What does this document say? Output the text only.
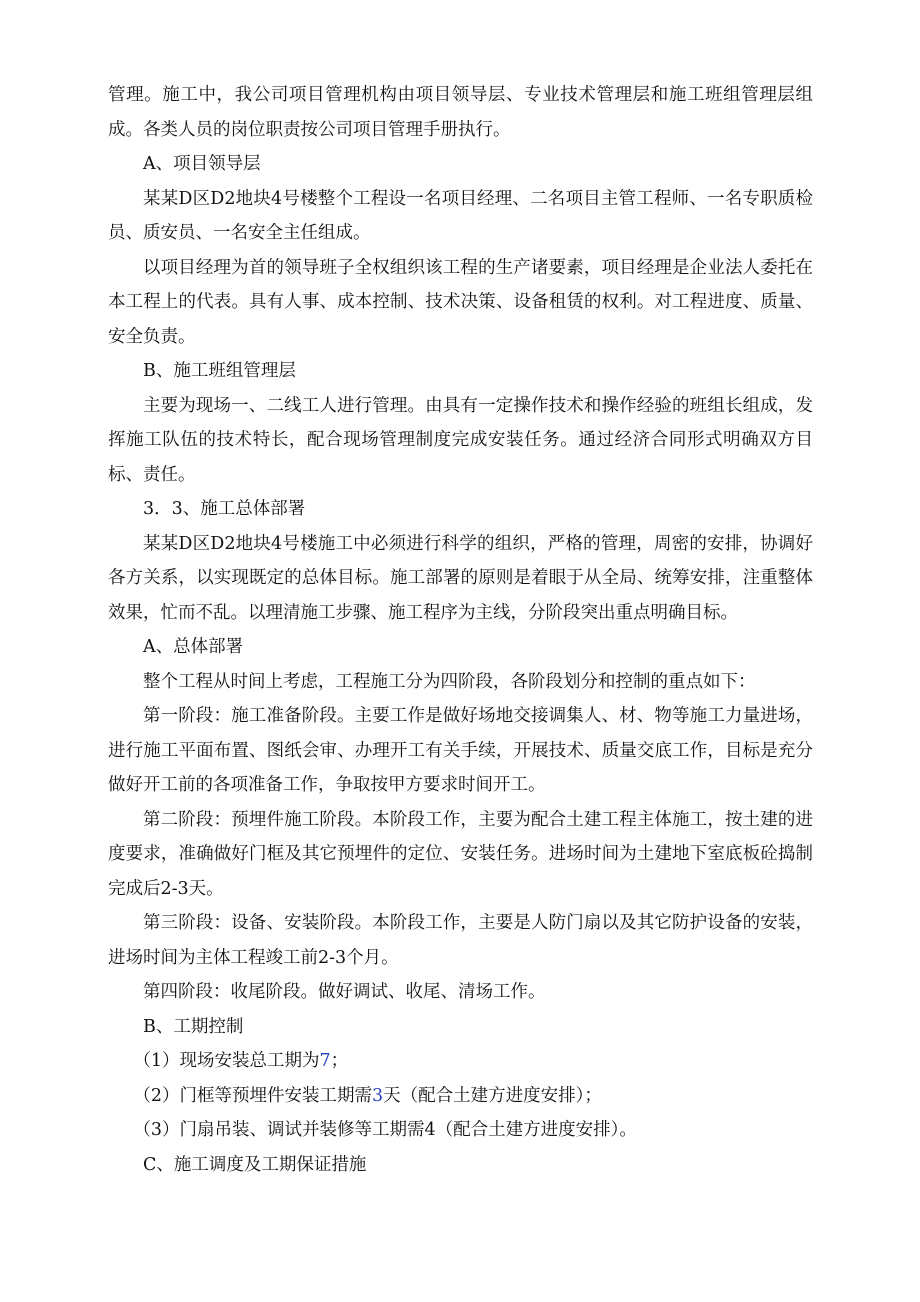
管理。施工中，我公司项目管理机构由项目领导层、专业技术管理层和施工班组管理层组成。各类人员的岗位职责按公司项目管理手册执行。

A、项目领导层

某某D区D2地块4号楼整个工程设一名项目经理、二名项目主管工程师、一名专职质检员、质安员、一名安全主任组成。

以项目经理为首的领导班子全权组织该工程的生产诸要素，项目经理是企业法人委托在本工程上的代表。具有人事、成本控制、技术决策、设备租赁的权利。对工程进度、质量、安全负责。

B、施工班组管理层

主要为现场一、二线工人进行管理。由具有一定操作技术和操作经验的班组长组成，发挥施工队伍的技术特长，配合现场管理制度完成安装任务。通过经济合同形式明确双方目标、责任。

3．3、施工总体部署

某某D区D2地块4号楼施工中必须进行科学的组织，严格的管理，周密的安排，协调好各方关系，以实现既定的总体目标。施工部署的原则是着眼于从全局、统筹安排，注重整体效果，忙而不乱。以理清施工步骤、施工程序为主线，分阶段突出重点明确目标。

A、总体部署

整个工程从时间上考虑，工程施工分为四阶段，各阶段划分和控制的重点如下：

第一阶段：施工准备阶段。主要工作是做好场地交接调集人、材、物等施工力量进场，进行施工平面布置、图纸会审、办理开工有关手续，开展技术、质量交底工作，目标是充分做好开工前的各项准备工作，争取按甲方要求时间开工。

第二阶段：预埋件施工阶段。本阶段工作，主要为配合土建工程主体施工，按土建的进度要求，准确做好门框及其它预埋件的定位、安装任务。进场时间为土建地下室底板砼捣制完成后2-3天。

第三阶段：设备、安装阶段。本阶段工作，主要是人防门扇以及其它防护设备的安装，进场时间为主体工程竣工前2-3个月。

第四阶段：收尾阶段。做好调试、收尾、清场工作。

B、工期控制

（1）现场安装总工期为7；

（2）门框等预埋件安装工期需3天（配合土建方进度安排）；

（3）门扇吊装、调试并装修等工期需4（配合土建方进度安排）。

C、施工调度及工期保证措施
